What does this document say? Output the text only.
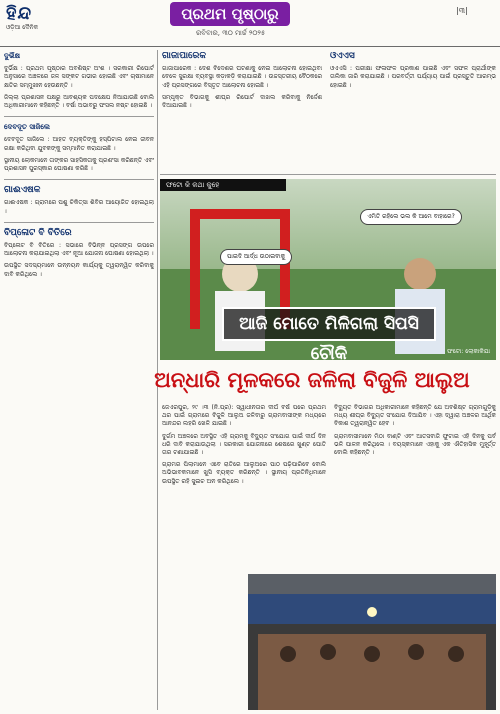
ହିନ୍ଦ
ଓଡ଼ିଆ ଦୈନିକ
ପ୍ରଥମ ପୃଷ୍ଠାରୁ
ରବିବାର, ୩୦ ମାର୍ଚ୍ଚ ୨୦୨୫
|୩|

ଦୁର୍ଭିକ୍ଷ

ଦୁର୍ଭିକ୍ଷ : ପ୍ରଥମ ପୃଷ୍ଠାର ଅବଶିଷ୍ଟ ଅଂଶ । ସରକାରୀ ରିପୋର୍ଟ ଅନୁସାରେ ଅଞ୍ଚଳରେ ଜଳ ସଙ୍କଟ ଗଭୀର ହୋଇଛି ଏବଂ ଚାଷୀମାନେ କ୍ଷତିର ସମ୍ମୁଖୀନ ହେଉଛନ୍ତି ।

ଜିଲ୍ଲା ପ୍ରଶାସନ ପକ୍ଷରୁ ଆବଶ୍ୟକ ପଦକ୍ଷେପ ନିଆଯାଉଛି ବୋଲି ଅଧିକାରୀମାନେ କହିଛନ୍ତି । ବର୍ଷା ଅଭାବରୁ ଫସଲ ନଷ୍ଟ ହୋଇଛି ।

ଦେବଦୂତ ସାଜିଲେ

ଦେବଦୂତ ସାଜିଲେ : ଆହତ ବ୍ୟକ୍ତିଙ୍କୁ ହସ୍ପିଟାଲ ନେଇ ଜୀବନ ରକ୍ଷା କରିଥିବା ଯୁବକଙ୍କୁ ସମ୍ମାନିତ କରାଯାଇଛି ।

ସ୍ଥାନୀୟ ଲୋକମାନେ ତାଙ୍କର ସାହସିକତାକୁ ପ୍ରଶଂସା କରିଛନ୍ତି ଏବଂ ପ୍ରଶାସନ ପୁରସ୍କାର ଘୋଷଣା କରିଛି ।

ଗାଈଏଷକ

ଗାଈଏଷକ : ଗ୍ରାମରେ ପଶୁ ଚିକିତ୍ସା ଶିବିର ଆୟୋଜିତ ହୋଇଥିଲା ।

ବିପ୍ଳୋଟ ବି ବିତିରେ

ବିପ୍ଳୋଟ ବି ବିତିରେ : ସଭାରେ ବିଭିନ୍ନ ପ୍ରସଙ୍ଗ ଉପରେ ଆଲୋଚନା କରାଯାଇଥିଲା ଏବଂ ନୂଆ ଯୋଜନା ଘୋଷଣା ହୋଇଥିଲା ।

ଉପସ୍ଥିତ ସଦସ୍ୟମାନେ ଉନ୍ନୟନ କାର୍ଯ୍ୟକୁ ତ୍ୱରାନ୍ୱିତ କରିବାକୁ ଦାବି କରିଥିଲେ ।

ଗାଜାପାରେକ

ଗାଜାପାରେକ : ଦେଶ ବିଦେଶର ଘଟଣାକୁ ନେଇ ଆଲୋଚନା ହୋଇଥିବା ବେଳେ ସୁରକ୍ଷା ବ୍ୟବସ୍ଥା କଡ଼ାକଡ଼ି କରାଯାଇଛି । ଉଚ୍ଚସ୍ତରୀୟ ବୈଠକରେ ଏହି ପ୍ରସଙ୍ଗରେ ବିସ୍ତୃତ ଆଲୋଚନା ହୋଇଛି ।

ସମ୍ପୃକ୍ତ ବିଭାଗକୁ ଶୀଘ୍ର ରିପୋର୍ଟ ଦାଖଲ କରିବାକୁ ନିର୍ଦ୍ଦେଶ ଦିଆଯାଇଛି ।

ଓଏଏସି

ଓଏଏସି : ପରୀକ୍ଷା ଫଳାଫଳ ପ୍ରକାଶ ପାଇଛି ଏବଂ ସଫଳ ପ୍ରାର୍ଥୀଙ୍କ ତାଲିକା ଜାରି କରାଯାଇଛି । ପରବର୍ତ୍ତୀ ପର୍ଯ୍ୟାୟ ପାଇଁ ପ୍ରସ୍ତୁତି ଆରମ୍ଭ ହୋଇଛି ।

ଫଟୋ କି କଥା କୁହେ
ପାଇଦି ଆର୍ଦ୍ଧ ଉଠାଇବାକୁ
ଏମିତି ରହିଲେ ଭଲ କି ଆମେ ବାହାରେ?
ଆଜି ମୋତେ ମିଳିଗଲା ସିପସି ଚୌକି	ଫଟୋ: ଲୋକାକିଯା
ଅନ୍ଧାରି ମୂଳକରେ ଜଳିଲା ବିଜୁଳି ଆଲୁଅ

ଜେଏରପୁର, ୨୯ ।୩ (ନି.ପ୍ର): ସ୍ୱାଧୀନତାର ଦୀର୍ଘ ବର୍ଷ ପରେ ପ୍ରଥମ ଥର ପାଇଁ ଗ୍ରାମରେ ବିଜୁଳି ଆଲୁଅ ଜଳିବାରୁ ଗ୍ରାମବାସୀଙ୍କ ମଧ୍ୟରେ ଆନନ୍ଦର ଲହରି ଖେଳି ଯାଇଛି ।

ଦୁର୍ଗମ ଅଞ୍ଚଳରେ ଅବସ୍ଥିତ ଏହି ଗ୍ରାମକୁ ବିଦ୍ୟୁତ ସଂଯୋଗ ପାଇଁ ଦୀର୍ଘ ଦିନ ଧରି ଦାବି କରାଯାଉଥିଲା । ସରକାରୀ ଯୋଜନାରେ ଶେଷରେ ଖୁଣ୍ଟ ପୋତି ତାର ଟଣାଯାଇଛି ।

ଗ୍ରାମର ପିଲାମାନେ ଏବେ ରାତିରେ ଆଲୁଅରେ ପାଠ ପଢ଼ିପାରିବେ ବୋଲି ଅଭିଭାବକମାନେ ଖୁସି ବ୍ୟକ୍ତ କରିଛନ୍ତି । ସ୍ଥାନୀୟ ପ୍ରତିନିଧିମାନେ ଉପସ୍ଥିତ ରହି ସୁଇଚ ଅନ କରିଥିଲେ ।

ବିଦ୍ୟୁତ ବିଭାଗର ଅଧିକାରୀମାନେ କହିଛନ୍ତି ଯେ ଅବଶିଷ୍ଟ ଗ୍ରାମଗୁଡ଼ିକୁ ମଧ୍ୟ ଶୀଘ୍ର ବିଦ୍ୟୁତ ସଂଯୋଗ ଦିଆଯିବ । ଏହା ଦ୍ୱାରା ଅଞ୍ଚଳର ଆର୍ଥିକ ବିକାଶ ତ୍ୱରାନ୍ୱିତ ହେବ ।

ଗ୍ରାମବାସୀମାନେ ମିଠା ବାଣ୍ଟି ଏବଂ ଆତସବାଜି ଫୁଟାଇ ଏହି ଦିନକୁ ପର୍ବ ଭଳି ପାଳନ କରିଥିଲେ । ବୟସ୍କମାନେ ଏହାକୁ ଏକ ଐତିହାସିକ ମୁହୂର୍ତ୍ତ ବୋଲି କହିଛନ୍ତି ।
